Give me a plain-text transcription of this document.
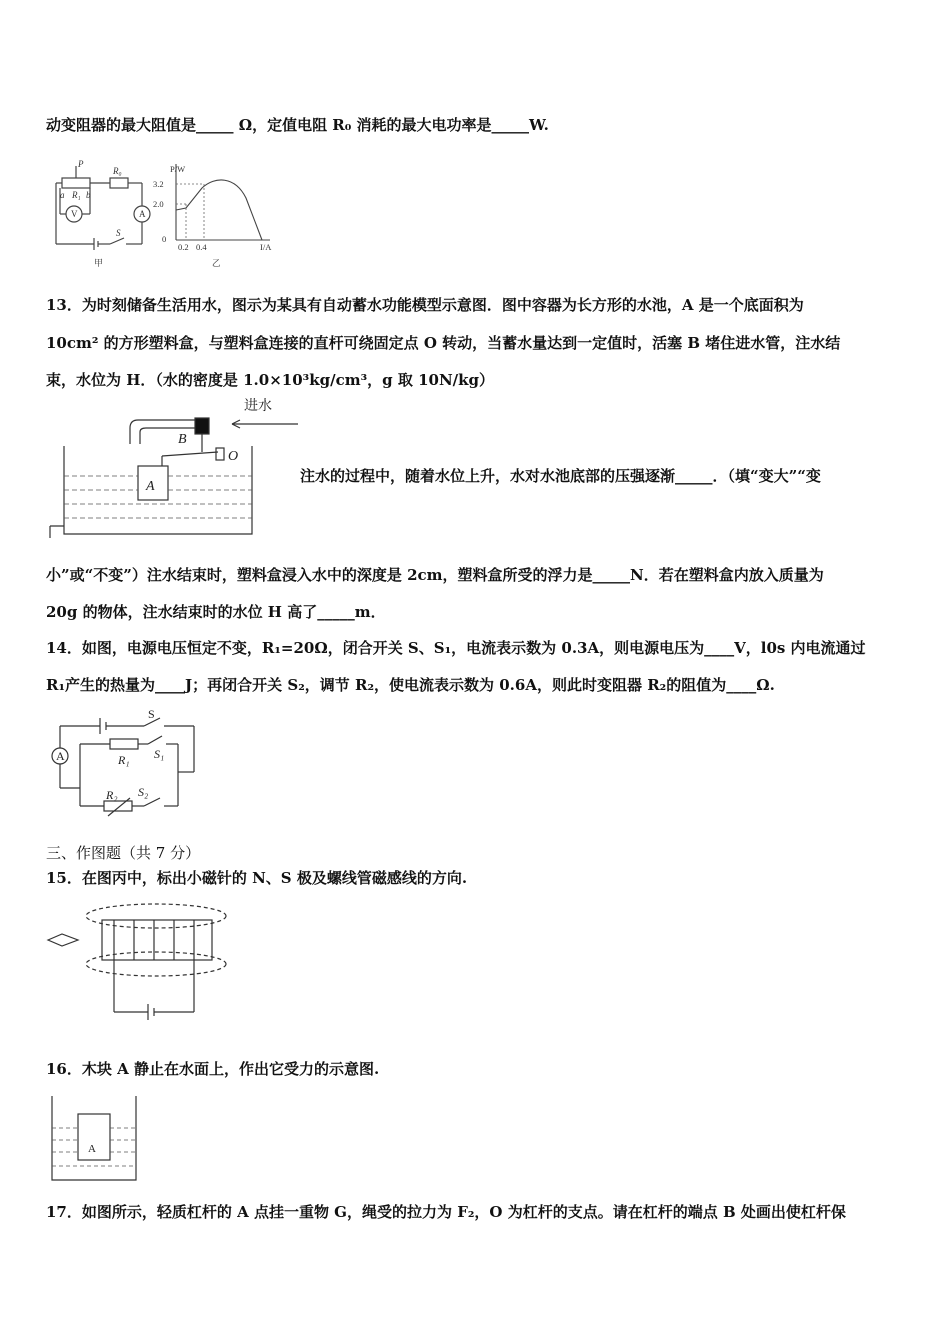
动变阻器的最大阻值是_____ Ω，定值电阻 R₀ 消耗的最大电功率是_____W.
P
R₀
a R₁ b
V	A
S
甲
P/W
3.2
2.0
0
0.2 0.4	I/A
乙
13．为时刻储备生活用水，图示为某具有自动蓄水功能模型示意图．图中容器为长方形的水池，A 是一个底面积为
10cm² 的方形塑料盒，与塑料盒连接的直杆可绕固定点 O 转动，当蓄水量达到一定值时，活塞 B 堵住进水管，注水结
束，水位为 H．（水的密度是 1.0×10³kg/cm³，g 取 10N/kg）
进水
B
O
A
注水的过程中，随着水位上升，水对水池底部的压强逐渐_____．（填“变大”“变
小”或“不变”）注水结束时，塑料盒浸入水中的深度是 2cm，塑料盒所受的浮力是_____N．若在塑料盒内放入质量为
20g 的物体，注水结束时的水位 H 高了_____m．
14．如图，电源电压恒定不变，R₁=20Ω，闭合开关 S、S₁，电流表示数为 0.3A，则电源电压为____V，l0s 内电流通过
R₁产生的热量为____J；再闭合开关 S₂，调节 R₂，使电流表示数为 0.6A，则此时变阻器 R₂的阻值为____Ω.
S
A	R₁ S₁
R₂ S₂
三、作图题（共 7 分）
15．在图丙中，标出小磁针的 N、S 极及螺线管磁感线的方向.
16．木块 A 静止在水面上，作出它受力的示意图.
A
17．如图所示，轻质杠杆的 A 点挂一重物 G，绳受的拉力为 F₂，O 为杠杆的支点。请在杠杆的端点 B 处画出使杠杆保
